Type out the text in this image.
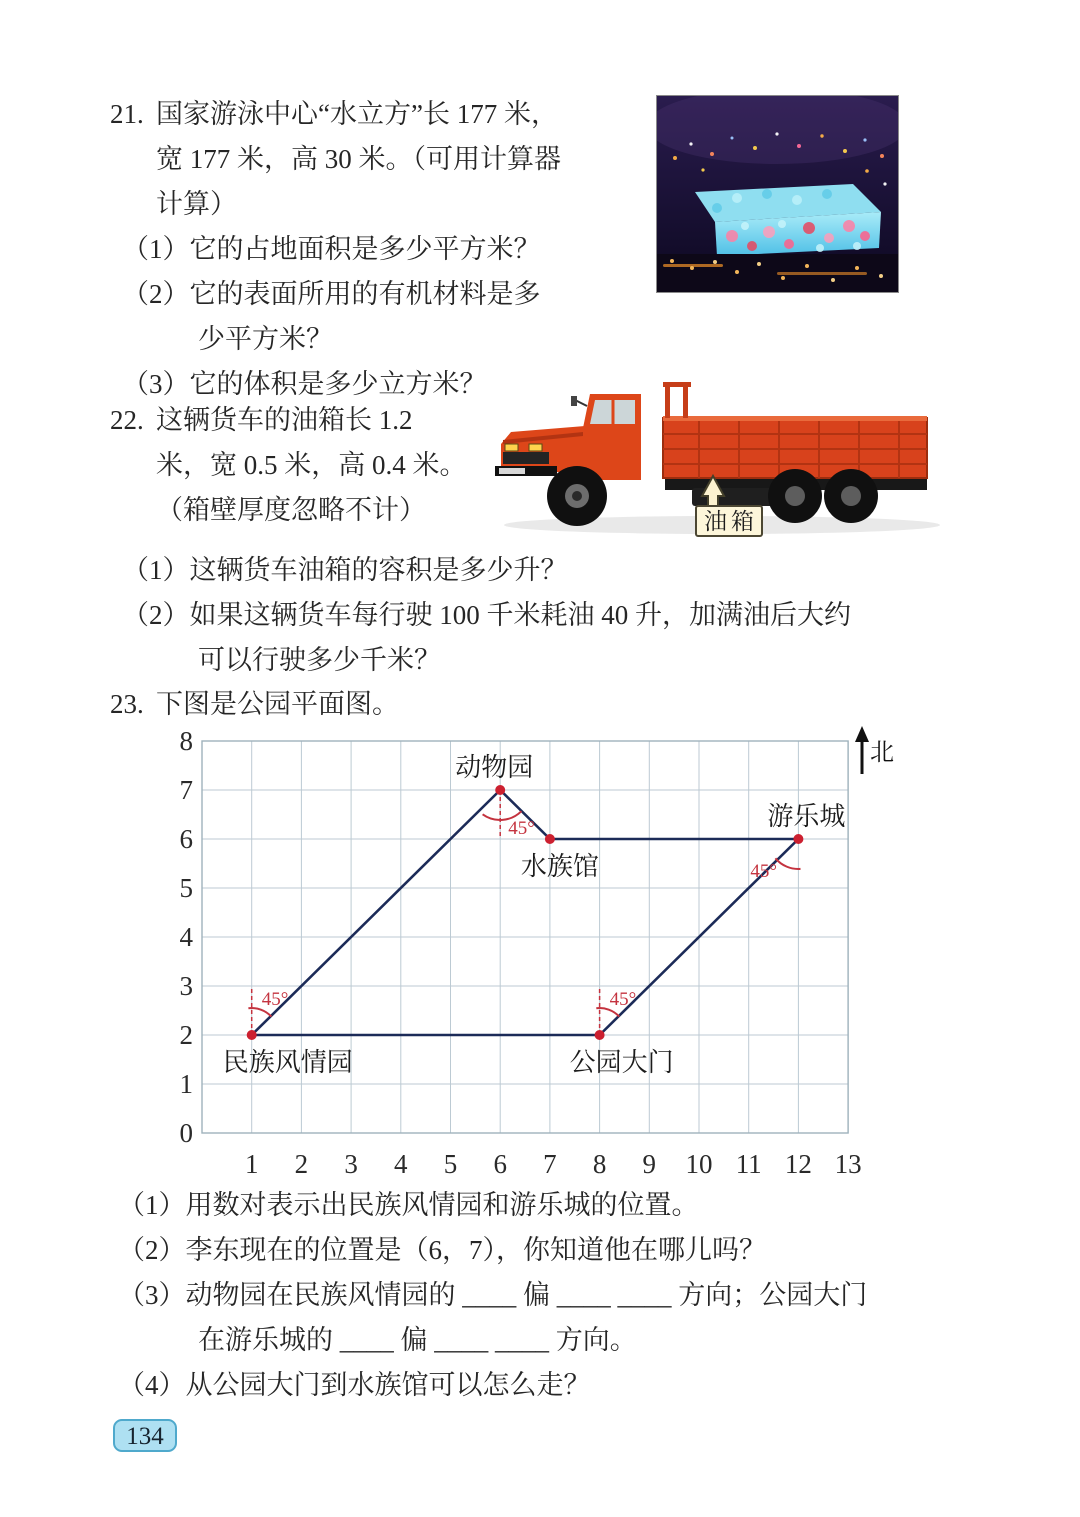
21. 国家游泳中心“水立方”长 177 米，
宽 177 米，高 30 米。（可用计算器
计算）
（1）它的占地面积是多少平方米？
（2）它的表面所用的有机材料是多
少平方米？
（3）它的体积是多少立方米？
22. 这辆货车的油箱长 1.2
米，宽 0.5 米，高 0.4 米。
（箱壁厚度忽略不计）	油箱
（1）这辆货车油箱的容积是多少升？
（2）如果这辆货车每行驶 100 千米耗油 40 升，加满油后大约
可以行驶多少千米？
23. 下图是公园平面图。
8
7
6
5
4
3
2
1
0
1 2 3 4 5 6 7 8 9 10 11 12 13
45°
45°
45°	45°
动物园
水族馆
游乐城
民族风情园	公园大门
北
（1）用数对表示出民族风情园和游乐城的位置。
（2）李东现在的位置是（6，7），你知道他在哪儿吗？
（3）动物园在民族风情园的 ____ 偏 ____ ____ 方向；公园大门
在游乐城的 ____ 偏 ____ ____ 方向。
（4）从公园大门到水族馆可以怎么走？
134
